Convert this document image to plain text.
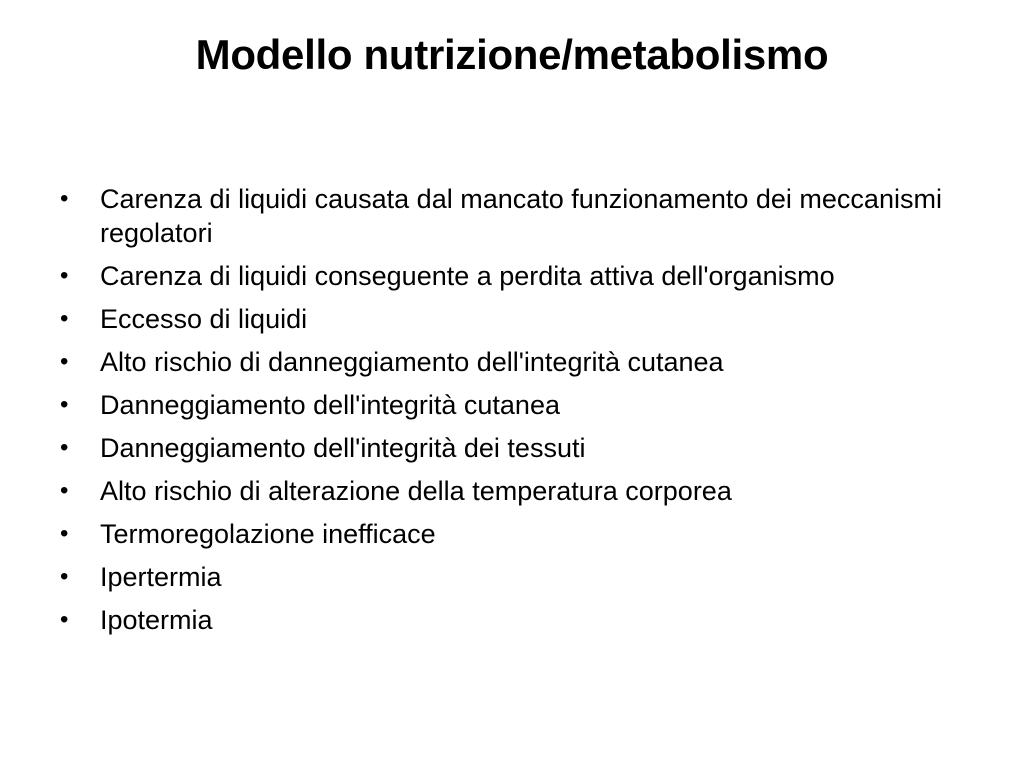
Modello nutrizione/metabolismo
• Carenza di liquidi causata dal mancato funzionamento dei meccanismi regolatori
• Carenza di liquidi conseguente a perdita attiva dell'organismo
• Eccesso di liquidi
• Alto rischio di danneggiamento dell'integrità cutanea
• Danneggiamento dell'integrità cutanea
• Danneggiamento dell'integrità dei tessuti
• Alto rischio di alterazione della temperatura corporea
• Termoregolazione inefficace
• Ipertermia
• Ipotermia
